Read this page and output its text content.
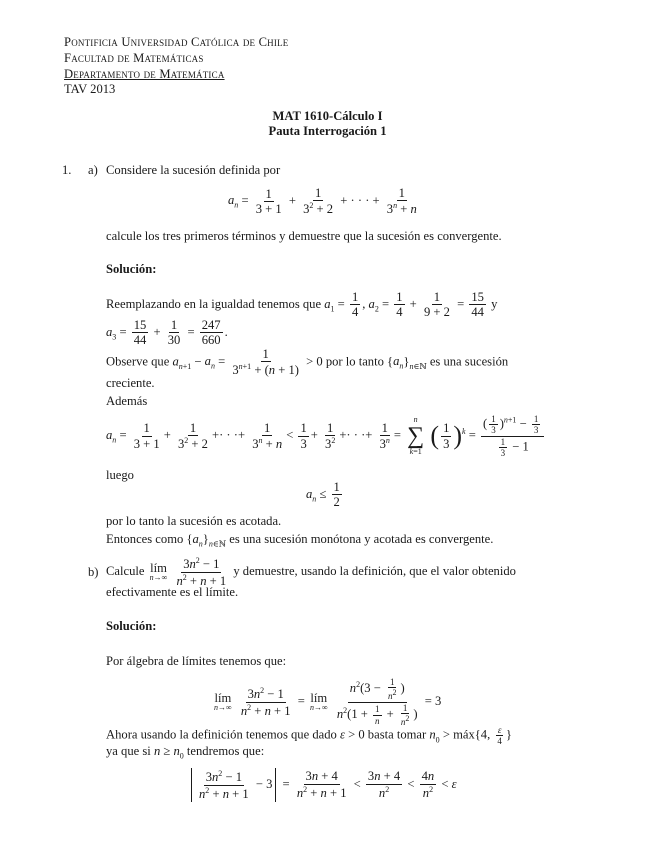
Pontificia Universidad Católica de Chile
Facultad de Matemáticas
Departamento de Matemática
TAV 2013
MAT 1610-Cálculo I
Pauta Interrogación 1
1. a) Considere la sucesión definida por
$a_n = \frac{1}{3 + 1} + \frac{1}{3^2 + 2}$ + · · · + $\frac{1}{3^n + n}$
calcule los tres primeros términos y demuestre que la sucesión es convergente.
Solución:
Reemplazando en la igualdad tenemos que $a_1 = \frac{1}{4}$ , $a_2 = \frac{1}{4} + \frac{1}{9 + 2} = \frac{15}{44}$ y
$a_3 = \frac{15}{44} + \frac{1}{30} = \frac{247}{660}$ .
Observe que $a_{n+1} - a_n = \frac{1}{3^{n+1} + (n + 1)} > 0$ por lo tanto $\{a_n\}_{n\in ℕ}$ es una sucesión
creciente.
Además
$a_n = \frac{1}{3 + 1} + \frac{1}{3^2 + 2}$ +· · ·+ $\frac{1}{3^n + n} < \frac{1}{3} + \frac{1}{3^2}$ +· · ·+ $\frac{1}{3^n}$ =
n
∑
k=1
( $\frac{1}{3} )^k = \frac{( \frac{1}{3} )^{n+1} - \frac{1}{3}}{\frac{1}{3} - 1}$
luego
$a_n \le \frac{1}{2}$
por lo tanto la sucesión es acotada.
Entonces como $\{a_n\}_{n\in ℕ}$ es una sucesión monótona y acotada es convergente.
b) Calcule lím
n→∞
$\frac{3n^2 - 1}{n^2 + n + 1}$ y demuestre, usando la definición, que el valor obtenido
efectivamente es el límite.
Solución:
Por álgebra de límites tenemos que:
lím
n→∞
$\frac{3n^2 - 1}{n^2 + n + 1}$ = lím
n→∞
$\frac{n^2(3 - \frac{1}{n^2} )}{n^2(1 + \frac{1}{n} + \frac{1}{n^2} )} = 3$
Ahora usando la definición tenemos que dado ε > 0 basta tomar $n_0$ > máx{4, $\frac{\varepsilon}{4}$ }
ya que si $n \ge n_0$ tendremos que:
$\frac{3n^2 - 1}{n^2 + n + 1} - 3 = \frac{3n + 4}{n^2 + n + 1} < \frac{3n + 4}{n^2} < \frac{4n}{n^2} < \varepsilon$
